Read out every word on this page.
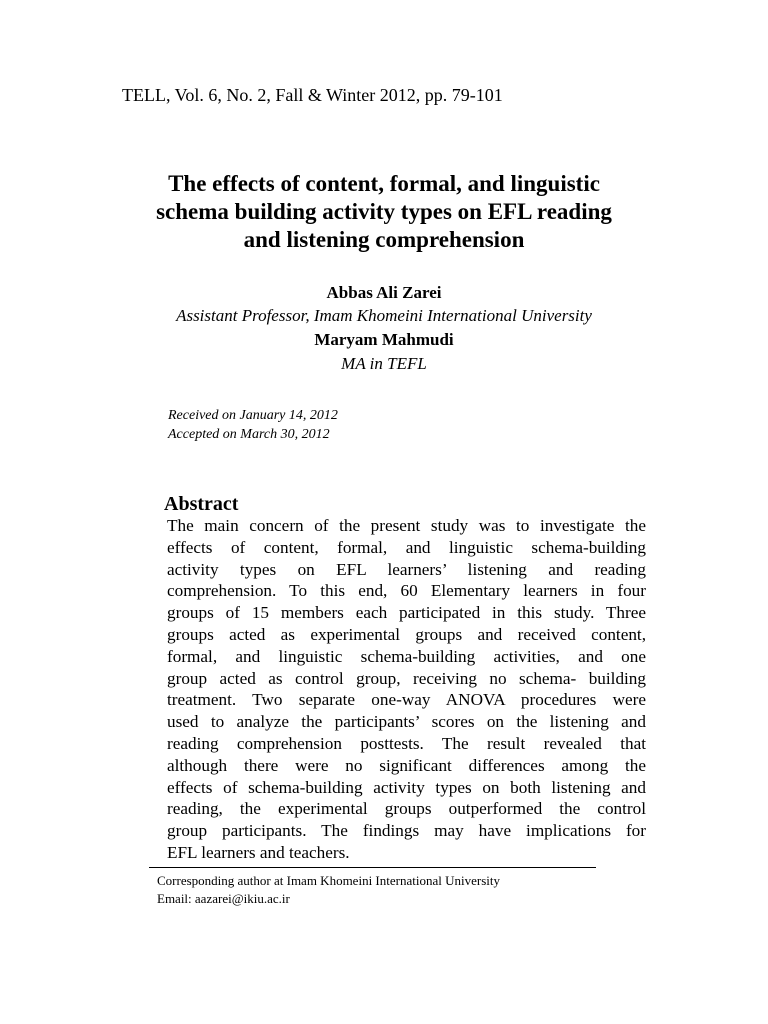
TELL, Vol. 6, No. 2, Fall & Winter 2012, pp. 79-101
The effects of content, formal, and linguistic
schema building activity types on EFL reading
and listening comprehension
Abbas Ali Zarei
Assistant Professor, Imam Khomeini International University
Maryam Mahmudi
MA in TEFL
Received on January 14, 2012
Accepted on March 30, 2012
Abstract
The main concern of the present study was to investigate the
effects of content, formal, and linguistic schema-building
activity types on EFL learners’ listening and reading
comprehension. To this end, 60 Elementary learners in four
groups of 15 members each participated in this study. Three
groups acted as experimental groups and received content,
formal, and linguistic schema-building activities, and one
group acted as control group, receiving no schema- building
treatment. Two separate one-way ANOVA procedures were
used to analyze the participants’ scores on the listening and
reading comprehension posttests. The result revealed that
although there were no significant differences among the
effects of schema-building activity types on both listening and
reading, the experimental groups outperformed the control
group participants. The findings may have implications for
EFL learners and teachers.
Corresponding author at Imam Khomeini International University
Email: aazarei@ikiu.ac.ir
